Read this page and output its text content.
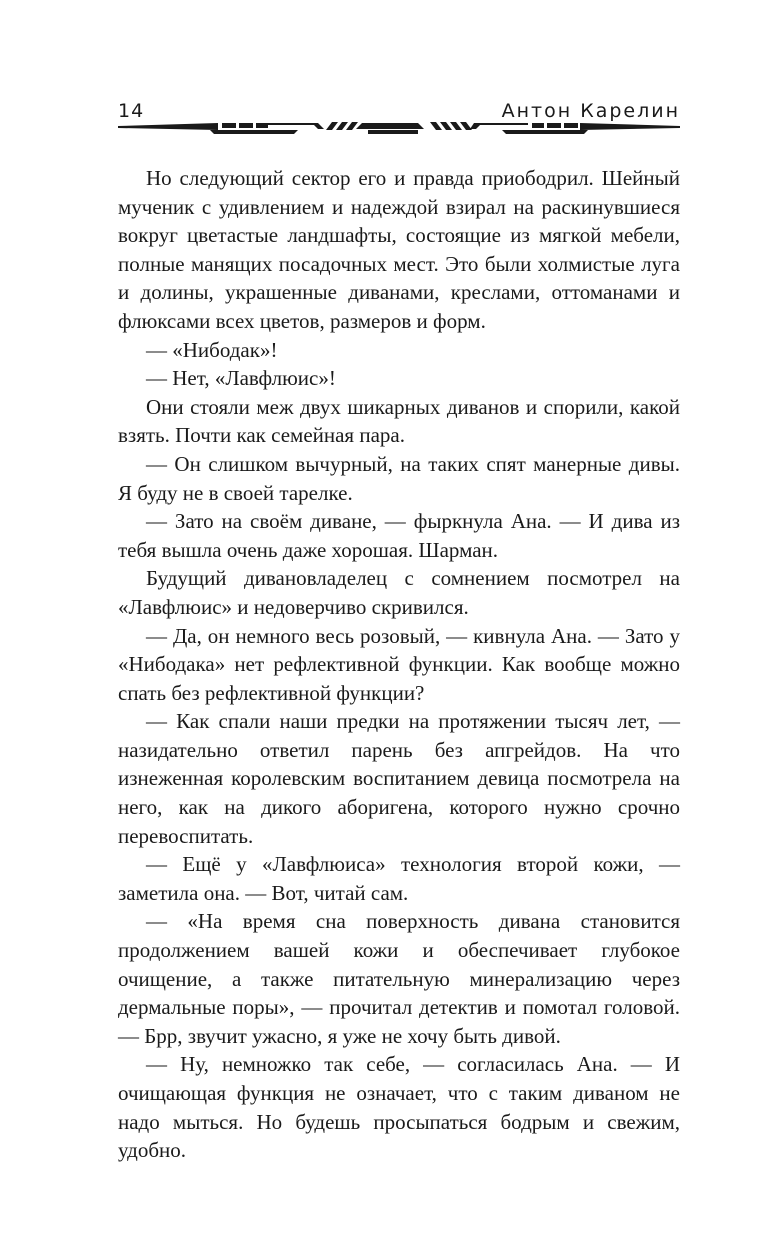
14	Антон Карелин

Но следующий сектор его и правда приободрил. Шейный мученик с удивлением и надеждой взирал на раскинувшиеся вокруг цветастые ландшафты, состоящие из мягкой мебели, полные манящих посадочных мест. Это были холмистые луга и долины, украшенные диванами, креслами, оттоманами и флюксами всех цветов, размеров и форм.

— «Нибодак»!

— Нет, «Лавфлюис»!

Они стояли меж двух шикарных диванов и спорили, какой взять. Почти как семейная пара.

— Он слишком вычурный, на таких спят манерные дивы. Я буду не в своей тарелке.

— Зато на своём диване, — фыркнула Ана. — И дива из тебя вышла очень даже хорошая. Шарман.

Будущий дивановладелец с сомнением посмотрел на «Лавфлюис» и недоверчиво скривился.

— Да, он немного весь розовый, — кивнула Ана. — Зато у «Нибодака» нет рефлективной функции. Как вообще можно спать без рефлективной функции?

— Как спали наши предки на протяжении тысяч лет, — назидательно ответил парень без апгрейдов. На что изнеженная королевским воспитанием девица посмотрела на него, как на дикого аборигена, которого нужно срочно перевоспитать.

— Ещё у «Лавфлюиса» технология второй кожи, — заметила она. — Вот, читай сам.

— «На время сна поверхность дивана становится продолжением вашей кожи и обеспечивает глубокое очищение, а также питательную минерализацию через дермальные поры», — прочитал детектив и помотал головой. — Брр, звучит ужасно, я уже не хочу быть дивой.

— Ну, немножко так себе, — согласилась Ана. — И очищающая функция не означает, что с таким диваном не надо мыться. Но будешь просыпаться бодрым и свежим, удобно.
